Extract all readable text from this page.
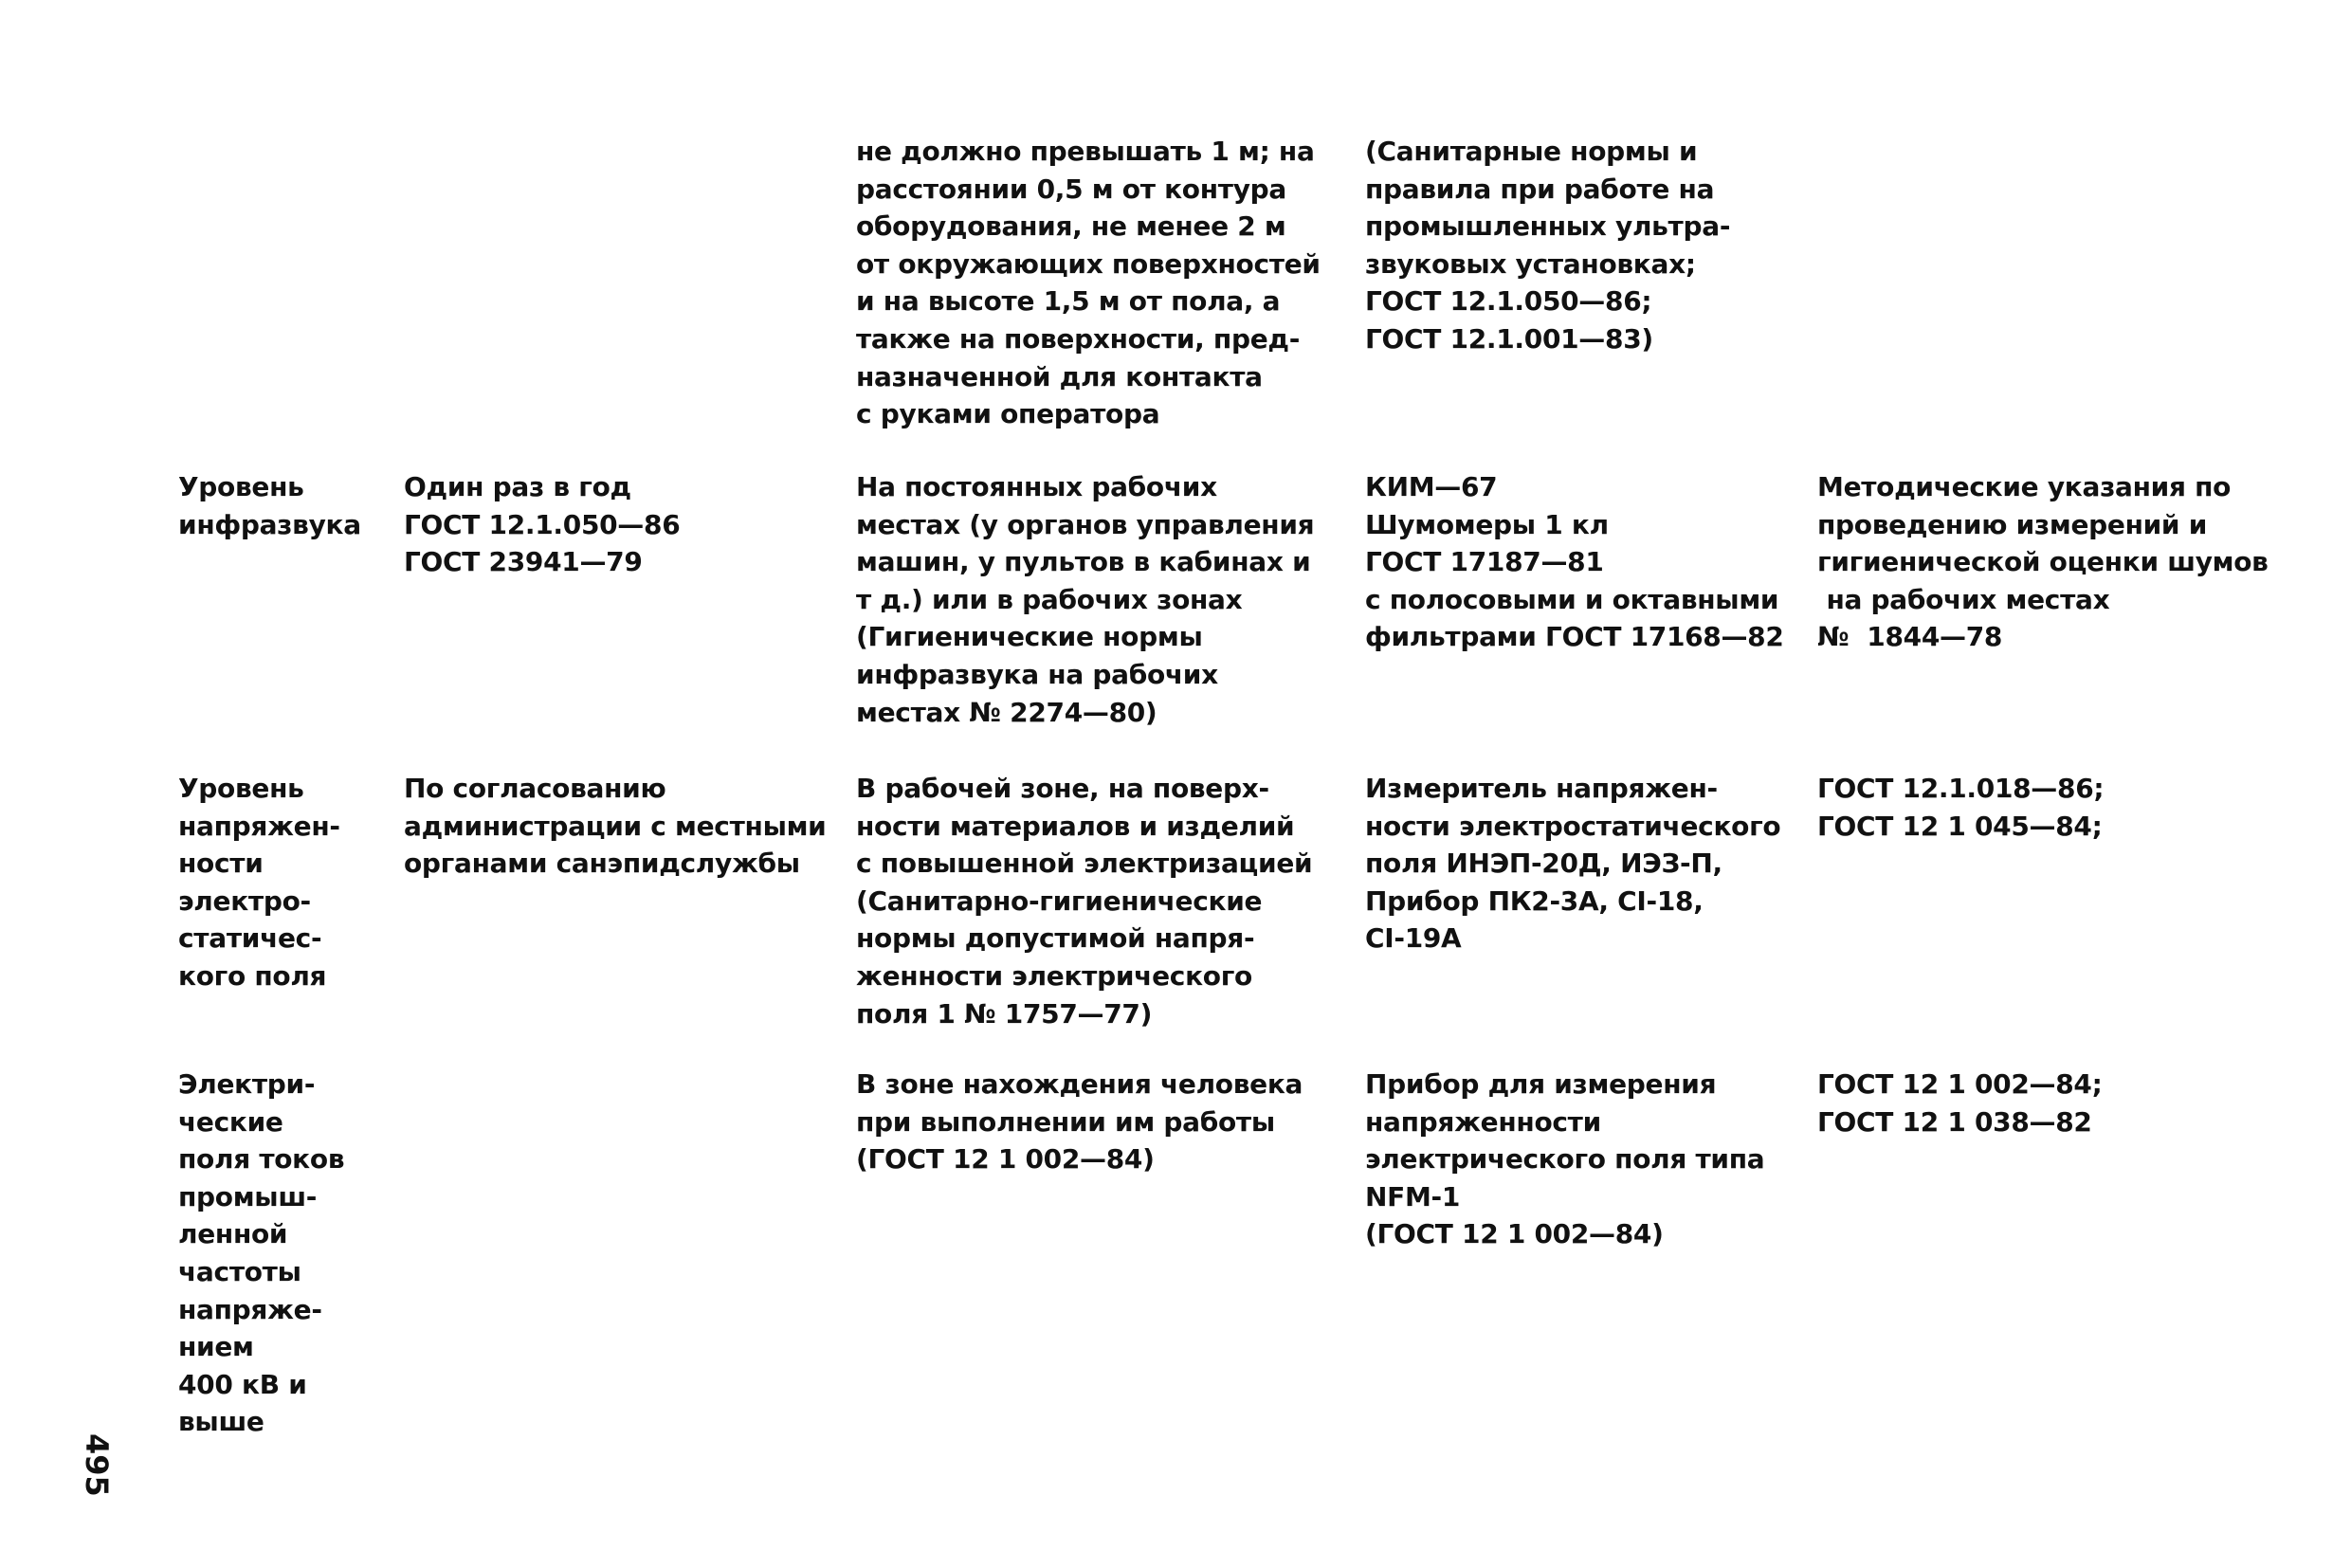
495

не должно превышать 1 м; на
расстоянии 0,5 м от контура
оборудования, не менее 2 м
от окружающих поверхностей
и на высоте 1,5 м от пола, а
также на поверхности, пред-
назначенной для контакта
с руками оператора

(Санитарные нормы и
правила при работе на
промышленных ультра-
звуковых установках;
ГОСТ 12.1.050—86;
ГОСТ 12.1.001—83)

Уровень
инфразвука

Один раз в год
ГОСТ 12.1.050—86
ГОСТ 23941—79

На постоянных рабочих
местах (у органов управления
машин, у пультов в кабинах и
т д.) или в рабочих зонах
(Гигиенические нормы
инфразвука на рабочих
местах № 2274—80)

КИМ—67
Шумомеры 1 кл
ГОСТ 17187—81
с полосовыми и октавными
фильтрами ГОСТ 17168—82

Методические указания по
проведению измерений и
гигиенической оценки шумов
на рабочих местах
№  1844—78

Уровень
напряжен-
ности
электро-
статичес-
кого поля

По согласованию
администрации с местными
органами санэпидслужбы

В рабочей зоне, на поверх-
ности материалов и изделий
с повышенной электризацией
(Санитарно-гигиенические
нормы допустимой напря-
женности электрического
поля 1 № 1757—77)

Измеритель напряжен-
ности электростатического
поля ИНЭП-20Д, ИЭЗ-П,
Прибор ПК2-3А, CI-18,
CI-19А

ГОСТ 12.1.018—86;
ГОСТ 12 1 045—84;

Электри-
ческие
поля токов
промыш-
ленной
частоты
напряже-
нием
400 кВ и
выше

В зоне нахождения человека
при выполнении им работы
(ГОСТ 12 1 002—84)

Прибор для измерения
напряженности
электрического поля типа
NFM-1
(ГОСТ 12 1 002—84)

ГОСТ 12 1 002—84;
ГОСТ 12 1 038—82
